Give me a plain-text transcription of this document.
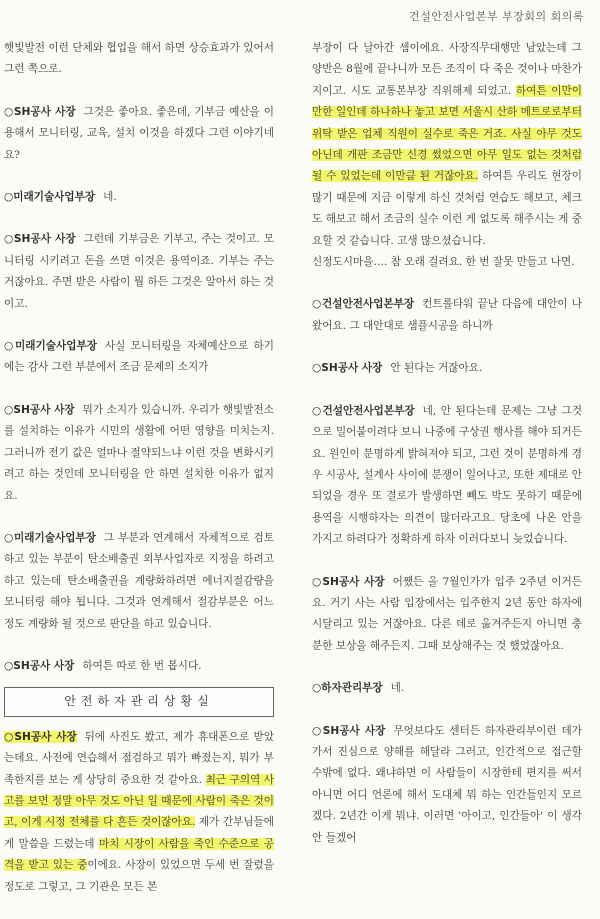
건설안전사업본부 부장회의 회의록

햇빛발전 이런 단체와 협업을 해서 하면 상승효과가 있어서 그런 쪽으로.

○SH공사 사장 그것은 좋아요. 좋은데, 기부금 예산을 이용해서 모니터링, 교육, 설치 이것을 하겠다 그런 이야기네요?

○미래기술사업부장 네.

○SH공사 사장 그런데 기부금은 기부고, 주는 것이고. 모니터링 시키려고 돈을 쓰면 이것은 용역이죠. 기부는 주는 거잖아요. 주면 받은 사람이 뭘 하든 그것은 알아서 하는 것이고.

○미래기술사업부장 사실 모니터링을 자체예산으로 하기에는 감사 그런 부분에서 조금 문제의 소지가

○SH공사 사장 뭐가 소지가 있습니까. 우리가 햇빛발전소를 설치하는 이유가 시민의 생활에 어떤 영향을 미치는지. 그러니까 전기 값은 얼마나 절약되느냐 이런 것을 변화시키려고 하는 것인데 모니터링을 안 하면 설치한 이유가 없지요.

○미래기술사업부장 그 부분과 연계해서 자체적으로 검토하고 있는 부분이 탄소배출권 외부사업자로 지정을 하려고 하고 있는데 탄소배출권을 계량화하려면 에너지절감량을 모니터링 해야 됩니다. 그것과 연계해서 절감부분은 어느 정도 계량화 될 것으로 판단을 하고 있습니다.

○SH공사 사장 하여튼 따로 한 번 봅시다.

안전하자관리상황실

○SH공사 사장 뒤에 사진도 봤고, 제가 휴대폰으로 받았는데요. 사전에 연습해서 점검하고 뭐가 빠졌는지, 뭐가 부족한지를 보는 게 상당히 중요한 것 같아요. 최근 구의역 사고를 보면 정말 아무 것도 아닌 일 때문에 사람이 죽은 것이고, 이게 시정 전체를 다 흔든 것이잖아요. 제가 간부님들에게 말씀을 드렸는데 마치 시장이 사람을 죽인 수준으로 공격을 받고 있는 중이에요. 사장이 있었으면 두세 번 잘렸을 정도로 그렇고, 그 기관은 모든 본

부장이 다 날아간 셈이에요. 사장직무대행만 남았는데 그 양반은 8월에 끝나니까 모든 조직이 다 죽은 것이나 마찬가지이고. 시도 교통본부장 직위해제 되었고. 하여튼 이만이만한 일인데 하나하나 놓고 보면 서울시 산하 메트로로부터 위탁 받은 업체 직원이 실수로 죽은 거죠. 사실 아무 것도 아닌데 개판 조금만 신경 썼었으면 아무 일도 없는 것처럼 될 수 있었는데 이만큼 된 거잖아요. 하여튼 우리도 현장이 많기 때문에 지금 이렇게 하신 것처럼 연습도 해보고, 체크도 해보고 해서 조금의 실수 이런 게 없도록 해주시는 게 중요할 것 같습니다. 고생 많으셨습니다.
신정도시마을…. 참 오래 걸려요. 한 번 잘못 만들고 나면.

○건설안전사업본부장 컨트롤타워 끝난 다음에 대안이 나왔어요. 그 대안대로 샘플시공을 하니까

○SH공사 사장 안 된다는 거잖아요.

○건설안전사업본부장 네, 안 된다는데 문제는 그냥 그것으로 밀어붙이려다 보니 나중에 구상권 행사를 해야 되거든요. 원인이 분명하게 밝혀져야 되고, 그런 것이 분명하게 경우 시공사, 설계사 사이에 분쟁이 일어나고, 또한 제대로 안 되었을 경우 또 결로가 발생하면 빼도 박도 못하기 때문에 용역을 시행하자는 의견이 많더라고요. 당초에 나온 안을 가지고 하려다가 정확하게 하자 이러다보니 늦었습니다.

○SH공사 사장 어쨌든 올 7월인가가 입주 2주년 이거든요. 거기 사는 사람 입장에서는 입주한지 2년 동안 하자에 시달리고 있는 거잖아요. 다른 데로 옮겨주든지 아니면 충분한 보상을 해주든지. 그때 보상해주는 것 했었잖아요.

○하자관리부장 네.

○SH공사 사장 무엇보다도 센터든 하자관리부이런 데가 가서 진심으로 양해를 해달라 그러고, 인간적으로 접근할 수밖에 없다. 왜냐하면 이 사람들이 시장한테 편지를 써서 아니면 어디 언론에 해서 도대체 뭐 하는 인간들인지 모르겠다. 2년간 이게 뭐냐. 이러면 '아이고, 인간들아' 이 생각 안 들겠어
